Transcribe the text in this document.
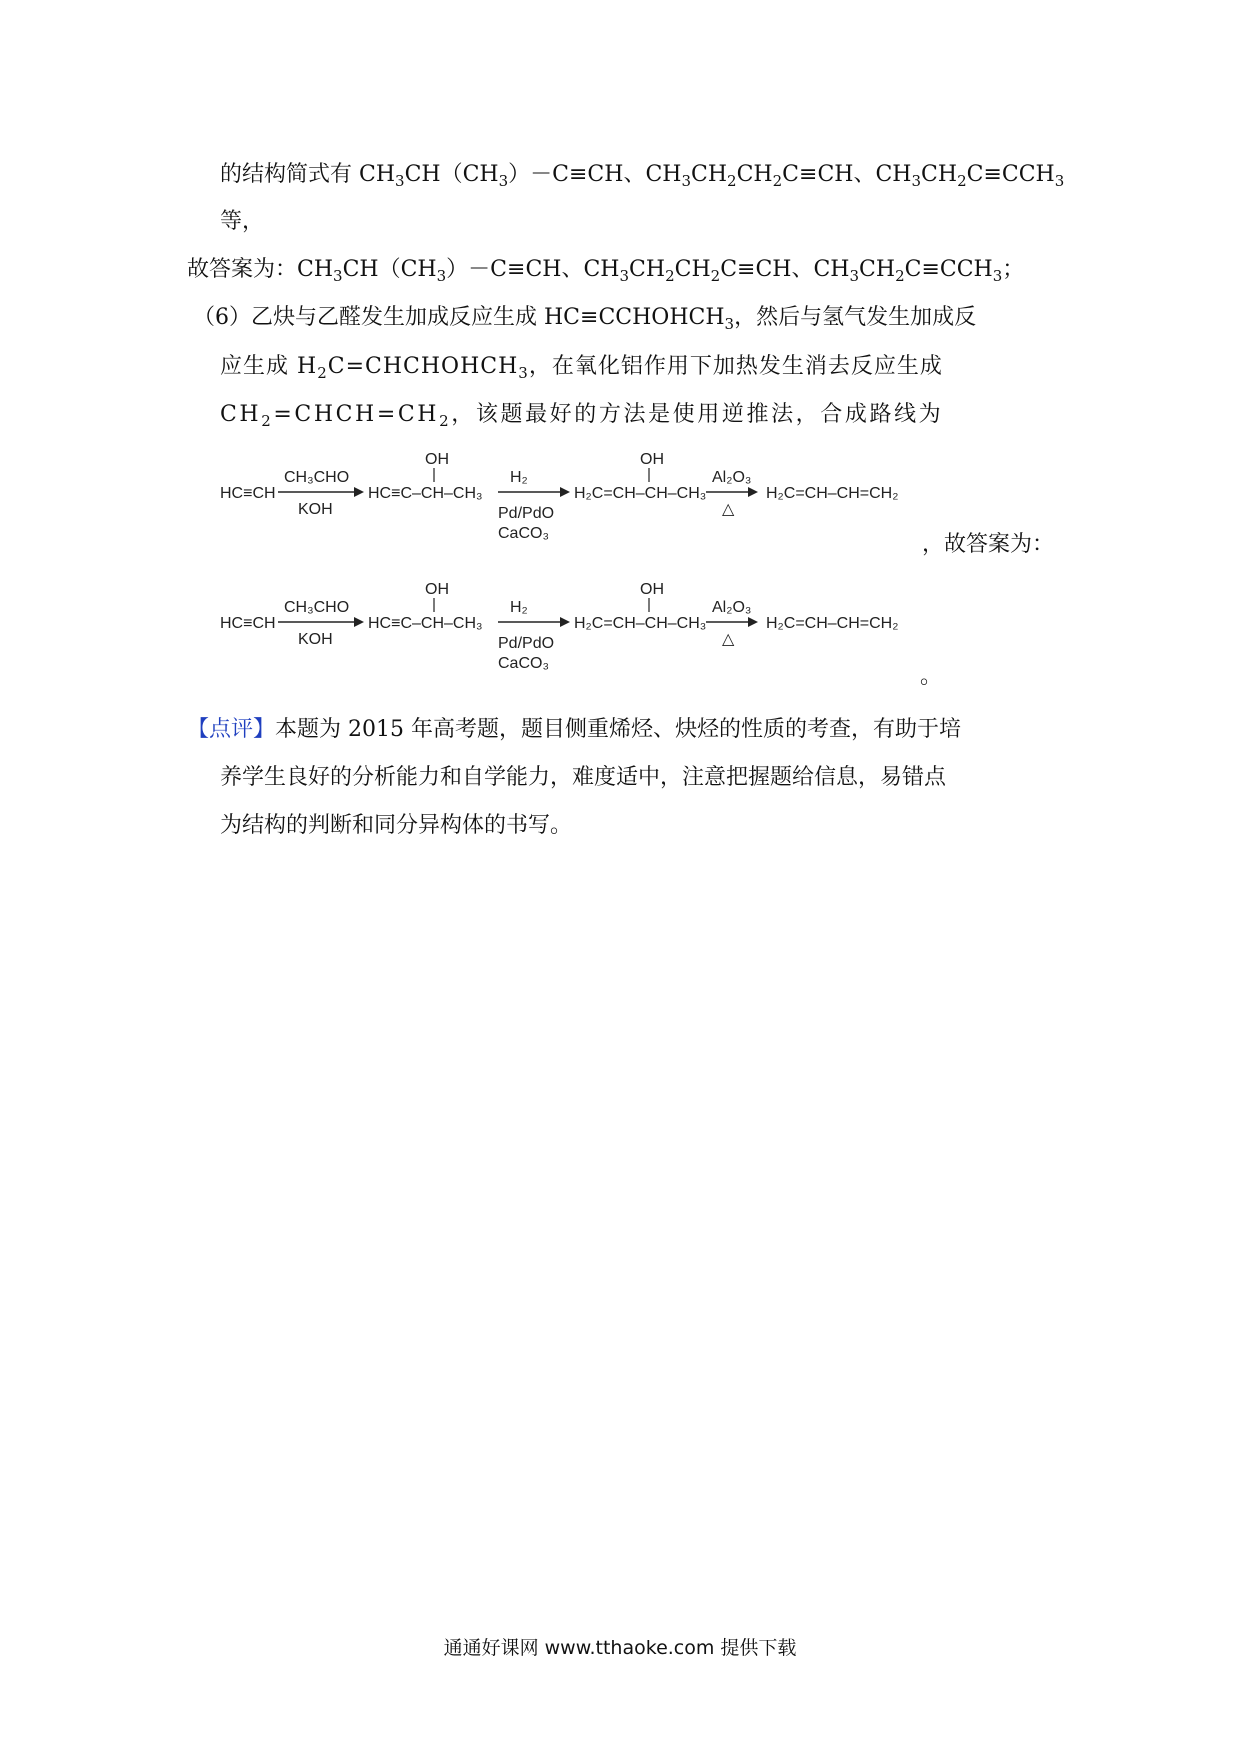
的结构简式有 $CH_3CH(CH_3)-C\equiv CH$、$CH_3CH_2CH_2C\equiv CH$、$CH_3CH_2C\equiv CCH_3$
等，
故答案为：$CH_3CH(CH_3)-C\equiv CH$、$CH_3CH_2CH_2C\equiv CH$、$CH_3CH_2C\equiv CCH_3$；
（6）乙炔与乙醛发生加成反应生成 $HC\equiv CCHOHCH_3$，然后与氢气发生加成反
应生成 $H_2C=CHCHOHCH_3$，在氧化铝作用下加热发生消去反应生成
$CH_2=CHCH=CH_2$，该题最好的方法是使用逆推法，合成路线为
HC≡CH
CH₃CHO
KOH
OH
HC≡C–CH–CH₃
H₂
Pd/PdO
CaCO₃
OH
H₂C=CH–CH–CH₃
Al₂O₃
△
H₂C=CH–CH=CH₂
，故答案为：
HC≡CH
CH₃CHO
KOH
OH
HC≡C–CH–CH₃
H₂
Pd/PdO
CaCO₃
OH
H₂C=CH–CH–CH₃
Al₂O₃
△
H₂C=CH–CH=CH₂
。
【点评】本题为 2015 年高考题，题目侧重烯烃、炔烃的性质的考查，有助于培
养学生良好的分析能力和自学能力，难度适中，注意把握题给信息，易错点
为结构的判断和同分异构体的书写。
通通好课网 www.tthaoke.com 提供下载
